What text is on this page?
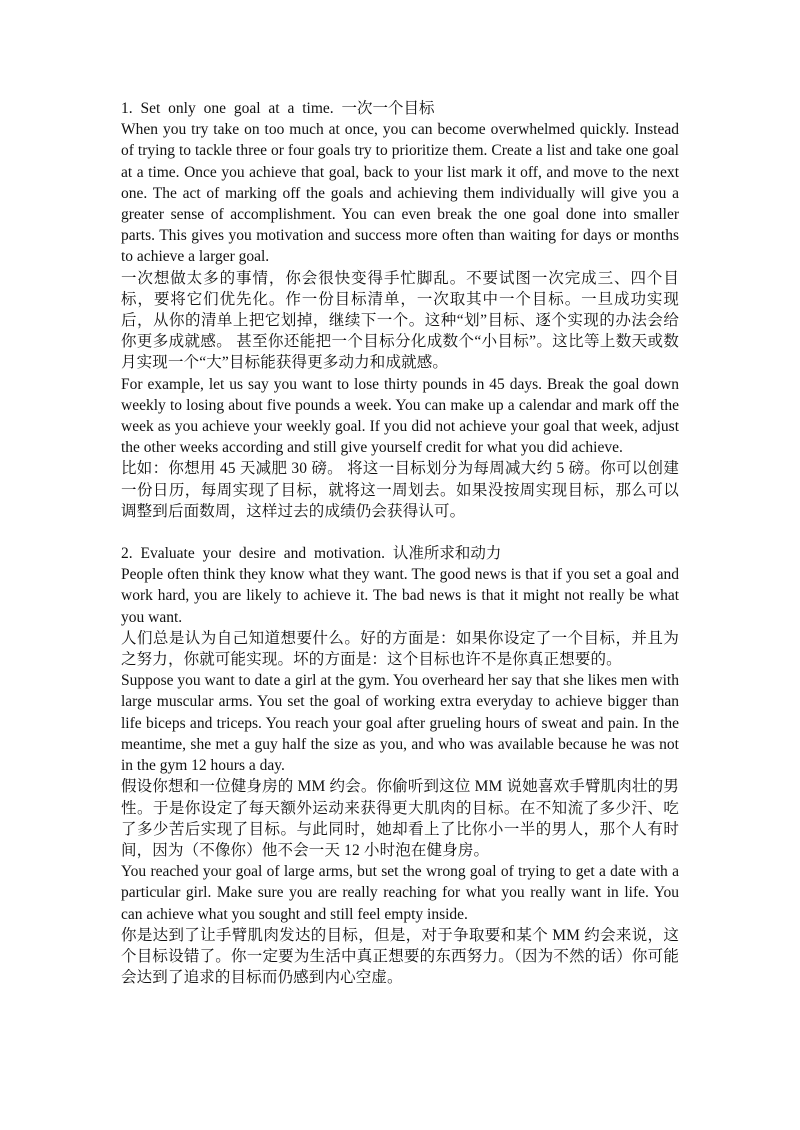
1. Set only one goal at a time. 一次一个目标

When you try take on too much at once, you can become overwhelmed quickly. Instead of trying to tackle three or four goals try to prioritize them. Create a list and take one goal at a time. Once you achieve that goal, back to your list mark it off, and move to the next one. The act of marking off the goals and achieving them individually will give you a greater sense of accomplishment. You can even break the one goal done into smaller parts. This gives you motivation and success more often than waiting for days or months to achieve a larger goal.

一次想做太多的事情，你会很快变得手忙脚乱。不要试图一次完成三、四个目标，要将它们优先化。作一份目标清单，一次取其中一个目标。一旦成功实现后，从你的清单上把它划掉，继续下一个。这种“划”目标、逐个实现的办法会给你更多成就感。 甚至你还能把一个目标分化成数个“小目标”。这比等上数天或数月实现一个“大”目标能获得更多动力和成就感。

For example, let us say you want to lose thirty pounds in 45 days. Break the goal down weekly to losing about five pounds a week. You can make up a calendar and mark off the week as you achieve your weekly goal. If you did not achieve your goal that week, adjust the other weeks according and still give yourself credit for what you did achieve.

比如：你想用 45 天减肥 30 磅。 将这一目标划分为每周减大约 5 磅。你可以创建一份日历，每周实现了目标，就将这一周划去。如果没按周实现目标，那么可以调整到后面数周，这样过去的成绩仍会获得认可。

2. Evaluate your desire and motivation. 认准所求和动力

People often think they know what they want. The good news is that if you set a goal and work hard, you are likely to achieve it. The bad news is that it might not really be what you want.

人们总是认为自己知道想要什么。好的方面是：如果你设定了一个目标，并且为之努力，你就可能实现。坏的方面是：这个目标也许不是你真正想要的。

Suppose you want to date a girl at the gym. You overheard her say that she likes men with large muscular arms. You set the goal of working extra everyday to achieve bigger than life biceps and triceps. You reach your goal after grueling hours of sweat and pain. In the meantime, she met a guy half the size as you, and who was available because he was not in the gym 12 hours a day.

假设你想和一位健身房的 MM 约会。你偷听到这位 MM 说她喜欢手臂肌肉壮的男性。于是你设定了每天额外运动来获得更大肌肉的目标。在不知流了多少汗、吃了多少苦后实现了目标。与此同时，她却看上了比你小一半的男人，那个人有时间，因为（不像你）他不会一天 12 小时泡在健身房。

You reached your goal of large arms, but set the wrong goal of trying to get a date with a particular girl. Make sure you are really reaching for what you really want in life. You can achieve what you sought and still feel empty inside.

你是达到了让手臂肌肉发达的目标，但是，对于争取要和某个 MM 约会来说，这个目标设错了。你一定要为生活中真正想要的东西努力。（因为不然的话）你可能会达到了追求的目标而仍感到内心空虚。
